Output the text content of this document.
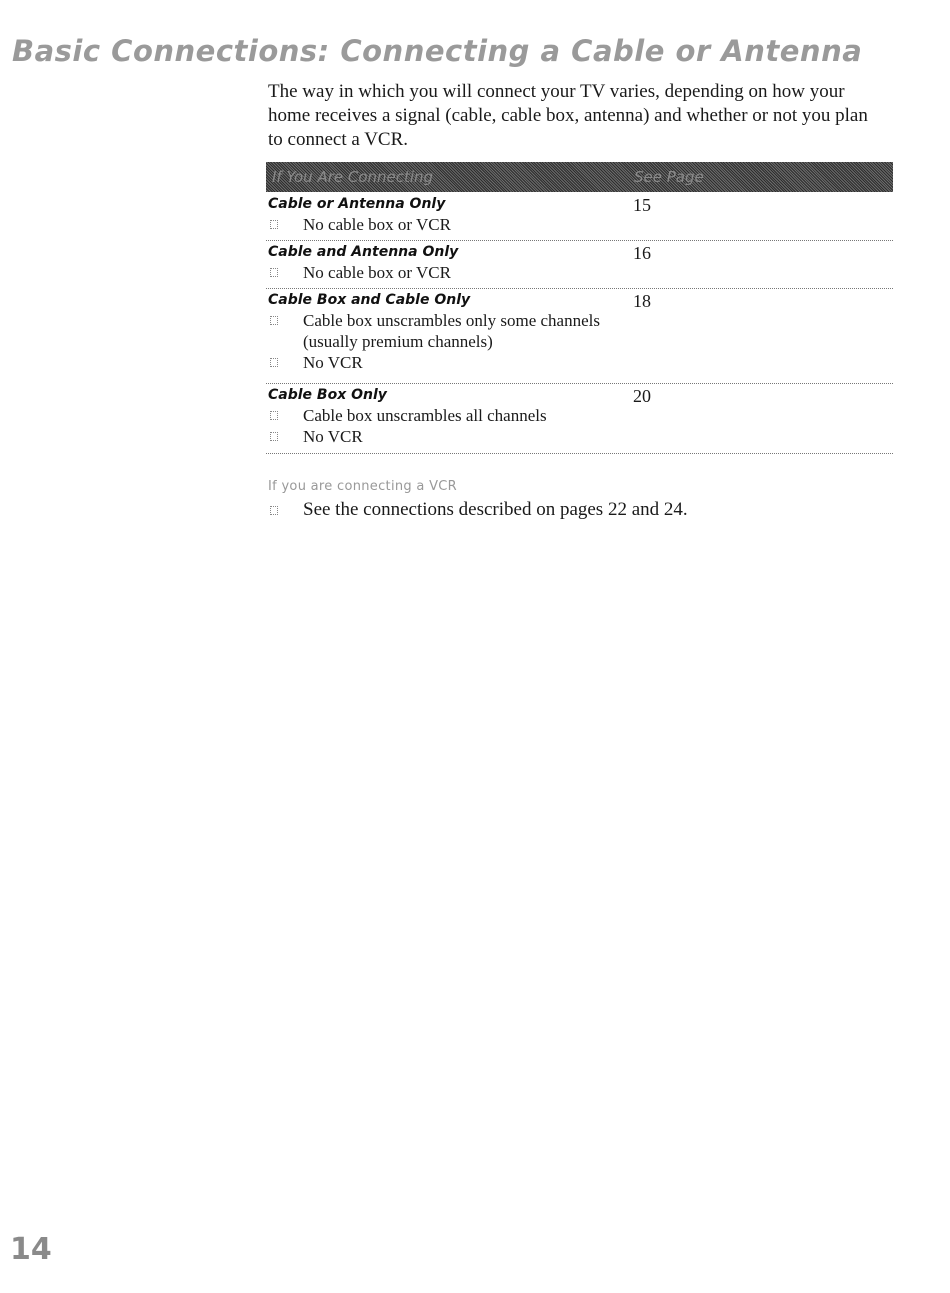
Basic Connections: Connecting a Cable or Antenna
The way in which you will connect your TV varies, depending on how your home receives a signal (cable, cable box, antenna) and whether or not you plan to connect a VCR.
If You Are Connecting	See Page
Cable or Antenna Only	15
No cable box or VCR
Cable and Antenna Only	16
No cable box or VCR
Cable Box and Cable Only	18
Cable box unscrambles only some channels (usually premium channels)
No VCR
Cable Box Only	20
Cable box unscrambles all channels
No VCR
If you are connecting a VCR
See the connections described on pages 22 and 24.
14
